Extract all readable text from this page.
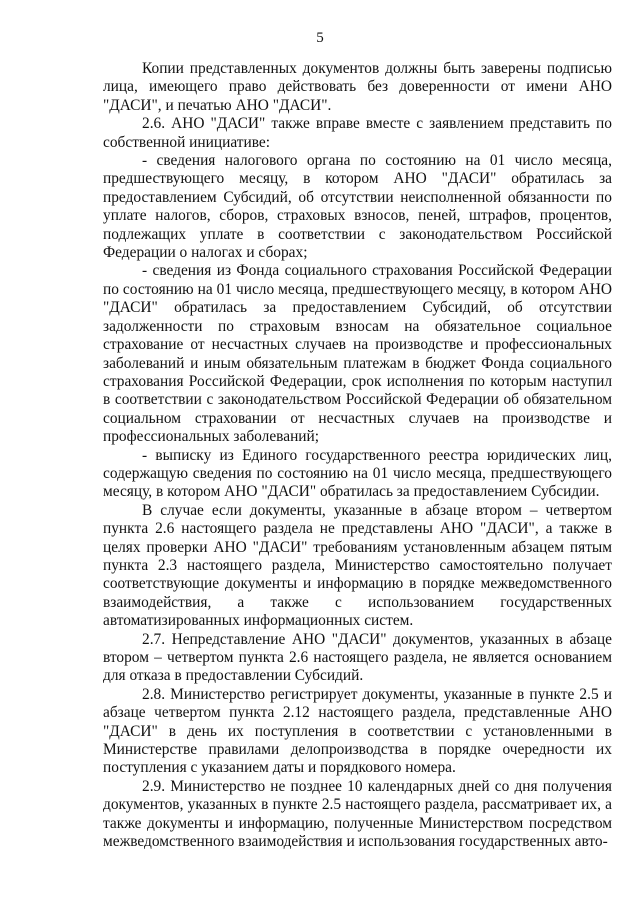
5

Копии представленных документов должны быть заверены подписью лица, имеющего право действовать без доверенности от имени АНО "ДАСИ", и печатью АНО "ДАСИ".

2.6. АНО "ДАСИ" также вправе вместе с заявлением представить по собственной инициативе:

- сведения налогового органа по состоянию на 01 число месяца, предшествующего месяцу, в котором АНО "ДАСИ" обратилась за предоставлением Субсидий, об отсутствии неисполненной обязанности по уплате налогов, сборов, страховых взносов, пеней, штрафов, процентов, подлежащих уплате в соответствии с законодательством Российской Федерации о налогах и сборах;

- сведения из Фонда социального страхования Российской Федерации по состоянию на 01 число месяца, предшествующего месяцу, в котором АНО "ДАСИ" обратилась за предоставлением Субсидий, об отсутствии задолженности по страховым взносам на обязательное социальное страхование от несчастных случаев на производстве и профессиональных заболеваний и иным обязательным платежам в бюджет Фонда социального страхования Российской Федерации, срок исполнения по которым наступил в соответствии с законодательством Российской Федерации об обязательном социальном страховании от несчастных случаев на производстве и профессиональных заболеваний;

- выписку из Единого государственного реестра юридических лиц, содержащую сведения по состоянию на 01 число месяца, предшествующего месяцу, в котором АНО "ДАСИ" обратилась за предоставлением Субсидии.

В случае если документы, указанные в абзаце втором – четвертом пункта 2.6 настоящего раздела не представлены АНО "ДАСИ", а также в целях проверки АНО "ДАСИ" требованиям установленным абзацем пятым пункта 2.3 настоящего раздела, Министерство самостоятельно получает соответствующие документы и информацию в порядке межведомственного взаимодействия, а также с использованием государственных автоматизированных информационных систем.

2.7. Непредставление АНО "ДАСИ" документов, указанных в абзаце втором – четвертом пункта 2.6 настоящего раздела, не является основанием для отказа в предоставлении Субсидий.

2.8. Министерство регистрирует документы, указанные в пункте 2.5 и абзаце четвертом пункта 2.12 настоящего раздела, представленные АНО "ДАСИ" в день их поступления в соответствии с установленными в Министерстве правилами делопроизводства в порядке очередности их поступления с указанием даты и порядкового номера.

2.9. Министерство не позднее 10 календарных дней со дня получения документов, указанных в пункте 2.5 настоящего раздела, рассматривает их, а также документы и информацию, полученные Министерством посредством межведомственного взаимодействия и использования государственных авто-
